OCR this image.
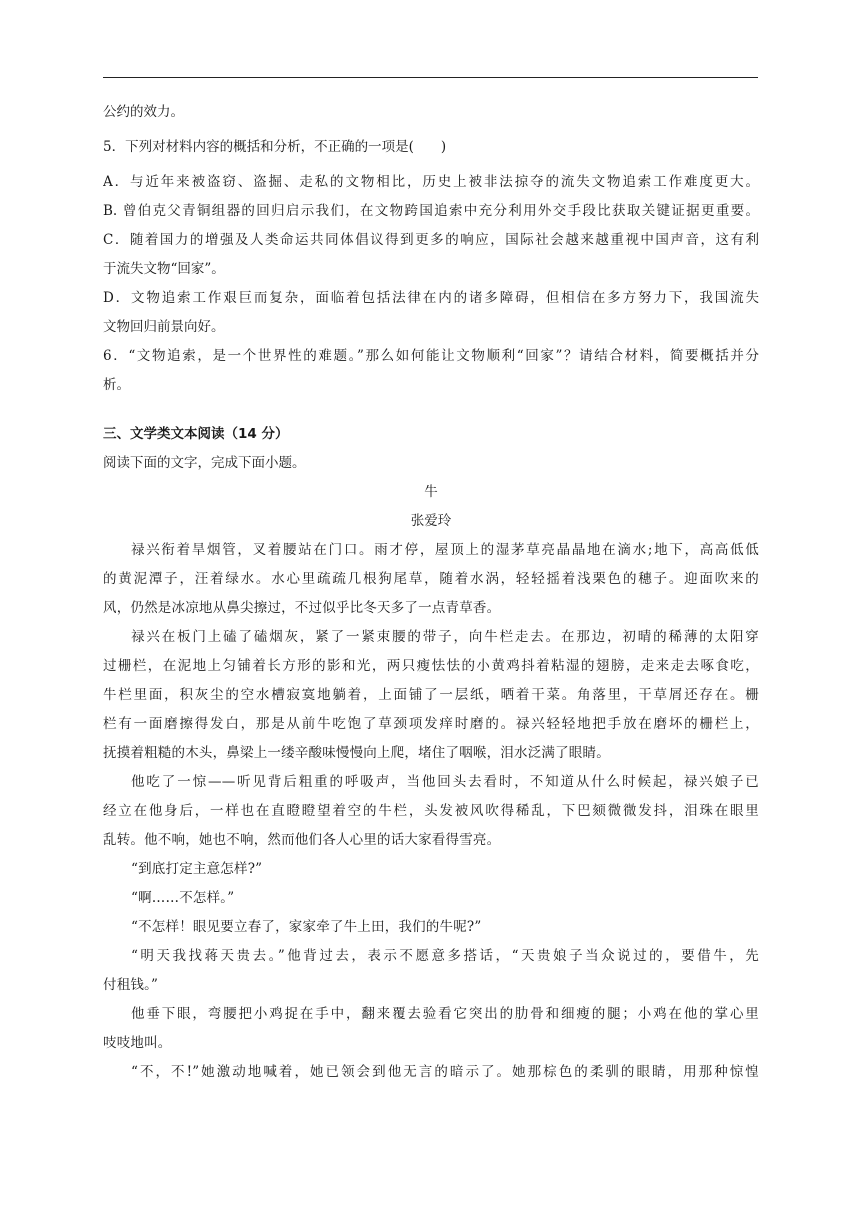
公约的效力。
5．下列对材料内容的概括和分析，不正确的一项是(　　)
A．与近年来被盗窃、盗掘、走私的文物相比，历史上被非法掠夺的流失文物追索工作难度更大。
B. 曾伯克父青铜组器的回归启示我们，在文物跨国追索中充分利用外交手段比获取关键证据更重要。
C．随着国力的增强及人类命运共同体倡议得到更多的响应，国际社会越来越重视中国声音，这有利
于流失文物“回家”。
D．文物追索工作艰巨而复杂，面临着包括法律在内的诸多障碍，但相信在多方努力下，我国流失
文物回归前景向好。
6．“文物追索，是一个世界性的难题。”那么如何能让文物顺利“回家”？请结合材料，简要概括并分
析。
三、文学类文本阅读（14 分）
阅读下面的文字，完成下面小题。
牛
张爱玲
禄兴衔着旱烟管，叉着腰站在门口。雨才停，屋顶上的湿茅草亮晶晶地在滴水;地下，高高低低
的黄泥潭子，汪着绿水。水心里疏疏几根狗尾草，随着水涡，轻轻摇着浅栗色的穗子。迎面吹来的
风，仍然是冰凉地从鼻尖擦过，不过似乎比冬天多了一点青草香。
禄兴在板门上磕了磕烟灰，紧了一紧束腰的带子，向牛栏走去。在那边，初晴的稀薄的太阳穿
过栅栏，在泥地上匀铺着长方形的影和光，两只瘦怯怯的小黄鸡抖着粘湿的翅膀，走来走去啄食吃，
牛栏里面，积灰尘的空水槽寂寞地躺着，上面铺了一层纸，晒着干菜。角落里，干草屑还存在。栅
栏有一面磨擦得发白，那是从前牛吃饱了草颈项发痒时磨的。禄兴轻轻地把手放在磨坏的栅栏上，
抚摸着粗糙的木头，鼻梁上一缕辛酸味慢慢向上爬，堵住了咽喉，泪水泛满了眼睛。
他吃了一惊——听见背后粗重的呼吸声，当他回头去看时，不知道从什么时候起，禄兴娘子已
经立在他身后，一样也在直瞪瞪望着空的牛栏，头发被风吹得稀乱，下巴颏微微发抖，泪珠在眼里
乱转。他不响，她也不响，然而他们各人心里的话大家看得雪亮。
“到底打定主意怎样?”
“啊……不怎样。”
“不怎样！眼见要立春了，家家牵了牛上田，我们的牛呢?”
“明天我找蒋天贵去。”他背过去，表示不愿意多搭话，“天贵娘子当众说过的，要借牛，先
付租钱。”
他垂下眼，弯腰把小鸡捉在手中，翻来覆去验看它突出的肋骨和细瘦的腿；小鸡在他的掌心里
吱吱地叫。
“不，不!”她激动地喊着，她已领会到他无言的暗示了。她那棕色的柔驯的眼睛，用那种惊惶
